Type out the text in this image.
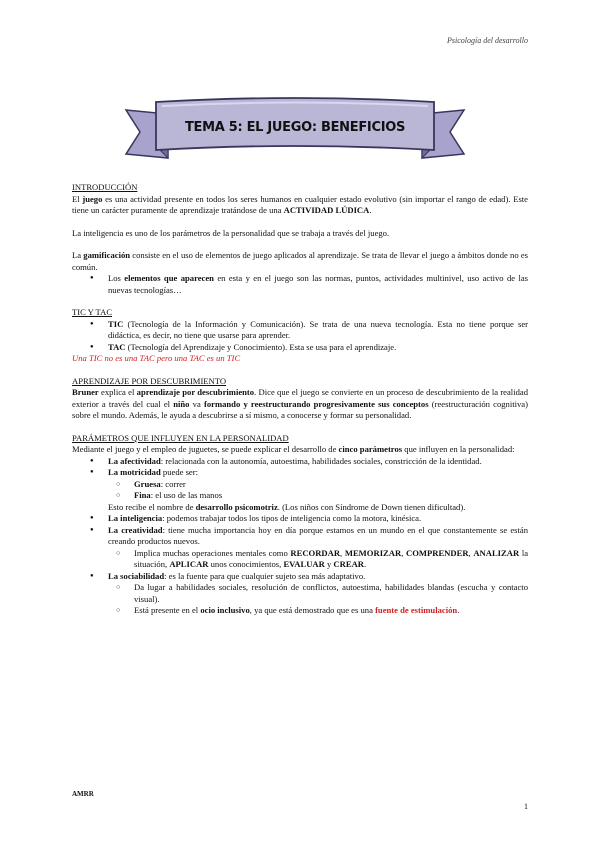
Psicología del desarrollo
TEMA 5: EL JUEGO: BENEFICIOS
INTRODUCCIÓN

El juego es una actividad presente en todos los seres humanos en cualquier estado evolutivo (sin importar el rango de edad). Este tiene un carácter puramente de aprendizaje tratándose de una ACTIVIDAD LÚDICA.

La inteligencia es uno de los parámetros de la personalidad que se trabaja a través del juego.

La gamificación consiste en el uso de elementos de juego aplicados al aprendizaje. Se trata de llevar el juego a ámbitos donde no es común.

● Los elementos que aparecen en esta y en el juego son las normas, puntos, actividades multinivel, uso activo de las nuevas tecnologías…
TIC Y TAC
● TIC (Tecnología de la Información y Comunicación). Se trata de una nueva tecnología. Esta no tiene porque ser didáctica, es decir, no tiene que usarse para aprender.
● TAC (Tecnología del Aprendizaje y Conocimiento). Esta se usa para el aprendizaje.

Una TIC no es una TAC pero una TAC es un TIC

APRENDIZAJE POR DESCUBRIMIENTO

Bruner explica el aprendizaje por descubrimiento. Dice que el juego se convierte en un proceso de descubrimiento de la realidad exterior a través del cual el niño va formando y reestructurando progresivamente sus conceptos (reestructuración cognitiva) sobre el mundo. Además, le ayuda a descubrirse a sí mismo, a conocerse y formar su personalidad.

PARÁMETROS QUE INFLUYEN EN LA PERSONALIDAD

Mediante el juego y el empleo de juguetes, se puede explicar el desarrollo de cinco parámetros que influyen en la personalidad:

● La afectividad: relacionada con la autonomía, autoestima, habilidades sociales, constricción de la identidad.
● La motricidad puede ser:
○ Gruesa: correr
○ Fina: el uso de las manos

Esto recibe el nombre de desarrollo psicomotriz. (Los niños con Síndrome de Down tienen dificultad).

● La inteligencia: podemos trabajar todos los tipos de inteligencia como la motora, kinésica.
● La creatividad: tiene mucha importancia hoy en día porque estamos en un mundo en el que constantemente se están creando productos nuevos.
○ Implica muchas operaciones mentales como RECORDAR, MEMORIZAR, COMPRENDER, ANALIZAR la situación, APLICAR unos conocimientos, EVALUAR y CREAR.
● La sociabilidad: es la fuente para que cualquier sujeto sea más adaptativo.
○ Da lugar a habilidades sociales, resolución de conflictos, autoestima, habilidades blandas (escucha y contacto visual).
○ Está presente en el ocio inclusivo, ya que está demostrado que es una fuente de estimulación.
AMRR
1
